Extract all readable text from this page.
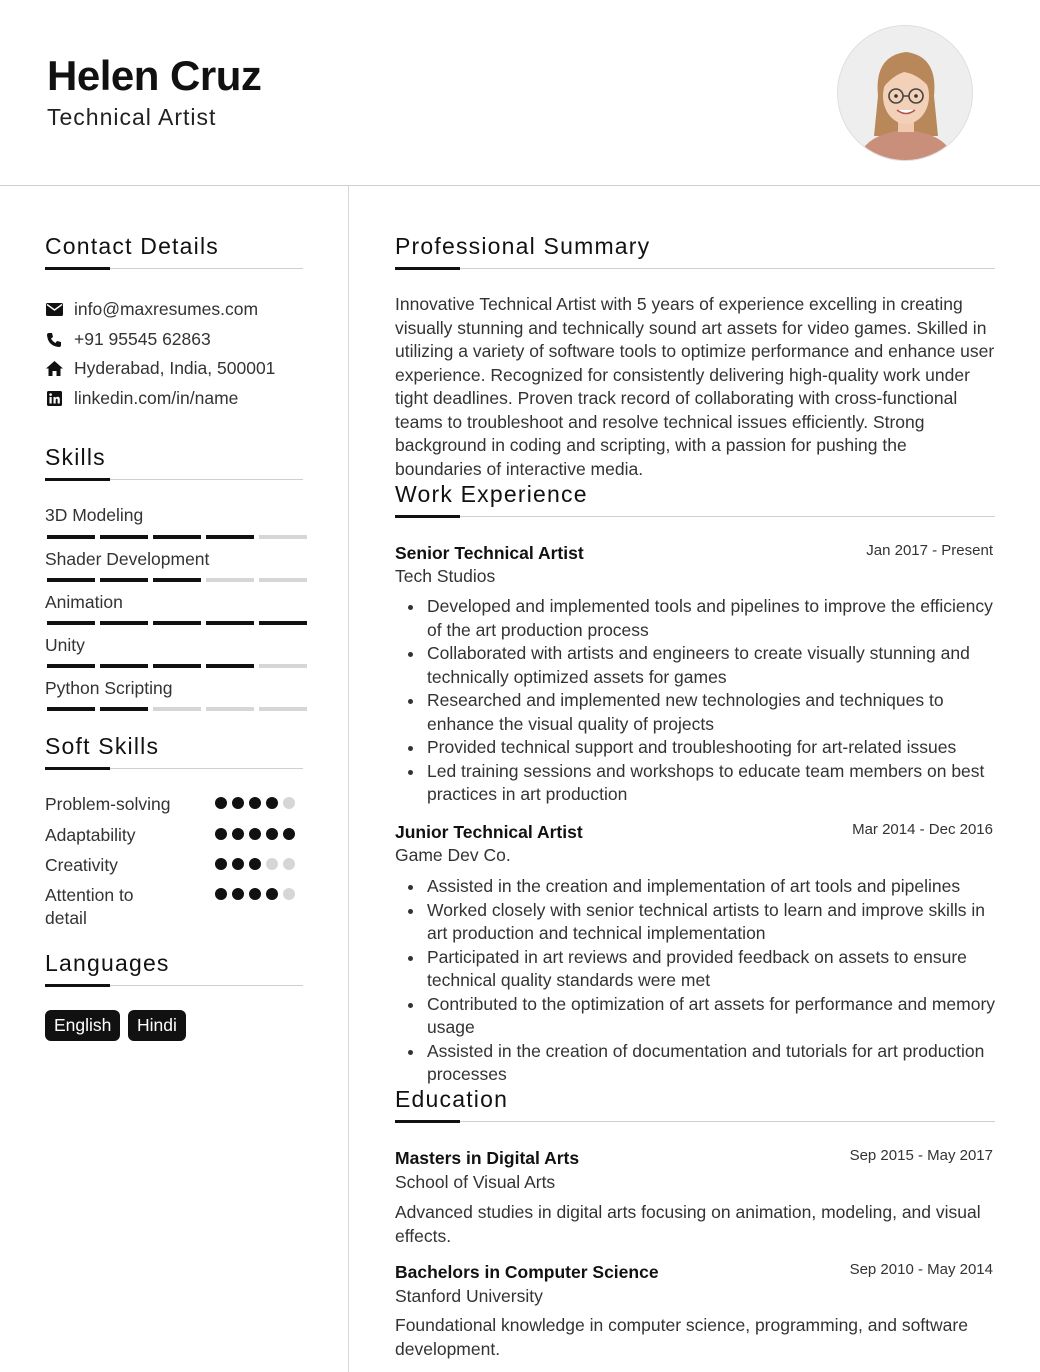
Helen Cruz
Technical Artist
Contact Details
info@maxresumes.com
+91 95545 62863
Hyderabad, India, 500001
linkedin.com/in/name
Skills
3D Modeling
Shader Development
Animation
Unity
Python Scripting
Soft Skills
Problem-solving
Adaptability
Creativity
Attention to detail
Languages
English	Hindi
Professional Summary
Innovative Technical Artist with 5 years of experience excelling in creating visually stunning and technically sound art assets for video games. Skilled in utilizing a variety of software tools to optimize performance and enhance user experience. Recognized for consistently delivering high-quality work under tight deadlines. Proven track record of collaborating with cross-functional teams to troubleshoot and resolve technical issues efficiently. Strong background in coding and scripting, with a passion for pushing the boundaries of interactive media.
Work Experience
Senior Technical Artist	Jan 2017 - Present
Tech Studios
Developed and implemented tools and pipelines to improve the efficiency of the art production process
Collaborated with artists and engineers to create visually stunning and technically optimized assets for games
Researched and implemented new technologies and techniques to enhance the visual quality of projects
Provided technical support and troubleshooting for art-related issues
Led training sessions and workshops to educate team members on best practices in art production
Junior Technical Artist	Mar 2014 - Dec 2016
Game Dev Co.
Assisted in the creation and implementation of art tools and pipelines
Worked closely with senior technical artists to learn and improve skills in art production and technical implementation
Participated in art reviews and provided feedback on assets to ensure technical quality standards were met
Contributed to the optimization of art assets for performance and memory usage
Assisted in the creation of documentation and tutorials for art production processes
Education
Masters in Digital Arts	Sep 2015 - May 2017
School of Visual Arts
Advanced studies in digital arts focusing on animation, modeling, and visual effects.
Bachelors in Computer Science	Sep 2010 - May 2014
Stanford University
Foundational knowledge in computer science, programming, and software development.
